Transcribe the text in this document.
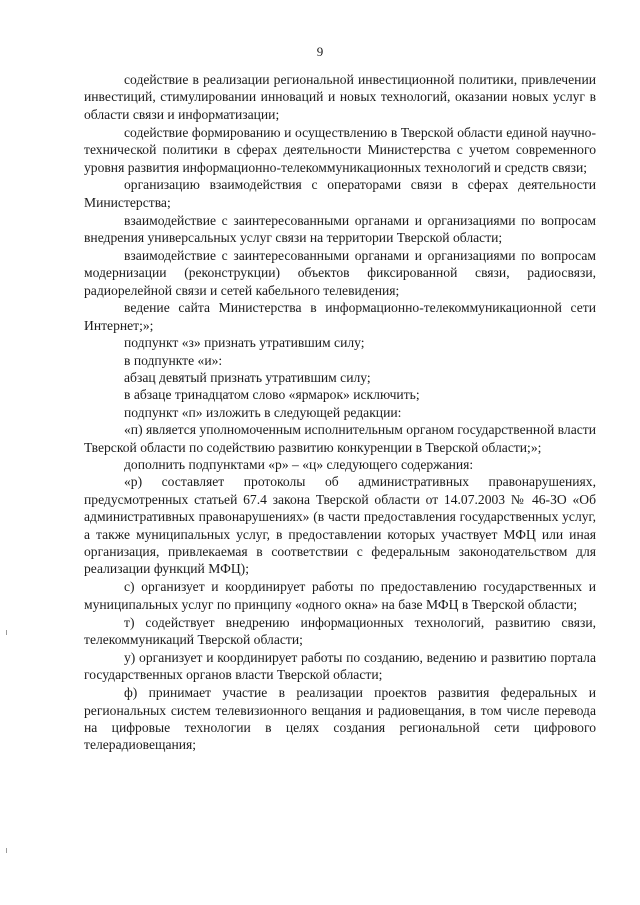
9

содействие в реализации региональной инвестиционной политики, привлечении инвестиций, стимулировании инноваций и новых технологий, оказании новых услуг в области связи и информатизации;

содействие формированию и осуществлению в Тверской области единой научно-технической политики в сферах деятельности Министерства с учетом современного уровня развития информационно-телекоммуникационных технологий и средств связи;

организацию взаимодействия с операторами связи в сферах деятельности Министерства;

взаимодействие с заинтересованными органами и организациями по вопросам внедрения универсальных услуг связи на территории Тверской области;

взаимодействие с заинтересованными органами и организациями по вопросам модернизации (реконструкции) объектов фиксированной связи, радиосвязи, радиорелейной связи и сетей кабельного телевидения;

ведение сайта Министерства в информационно-телекоммуникационной сети Интернет;»;

подпункт «з» признать утратившим силу;

в подпункте «и»:

абзац девятый признать утратившим силу;

в абзаце тринадцатом слово «ярмарок» исключить;

подпункт «п» изложить в следующей редакции:

«п) является уполномоченным исполнительным органом государственной власти Тверской области по содействию развитию конкуренции в Тверской области;»;

дополнить подпунктами «р» – «ц» следующего содержания:

«р) составляет протоколы об административных правонарушениях, предусмотренных статьей 67.4 закона Тверской области от 14.07.2003 № 46-ЗО «Об административных правонарушениях» (в части предоставления государственных услуг, а также муниципальных услуг, в предоставлении которых участвует МФЦ или иная организация, привлекаемая в соответствии с федеральным законодательством для реализации функций МФЦ);

с) организует и координирует работы по предоставлению государственных и муниципальных услуг по принципу «одного окна» на базе МФЦ в Тверской области;

т) содействует внедрению информационных технологий, развитию связи, телекоммуникаций Тверской области;

у) организует и координирует работы по созданию, ведению и развитию портала государственных органов власти Тверской области;

ф) принимает участие в реализации проектов развития федеральных и региональных систем телевизионного вещания и радиовещания, в том числе перевода на цифровые технологии в целях создания региональной сети цифрового телерадиовещания;
